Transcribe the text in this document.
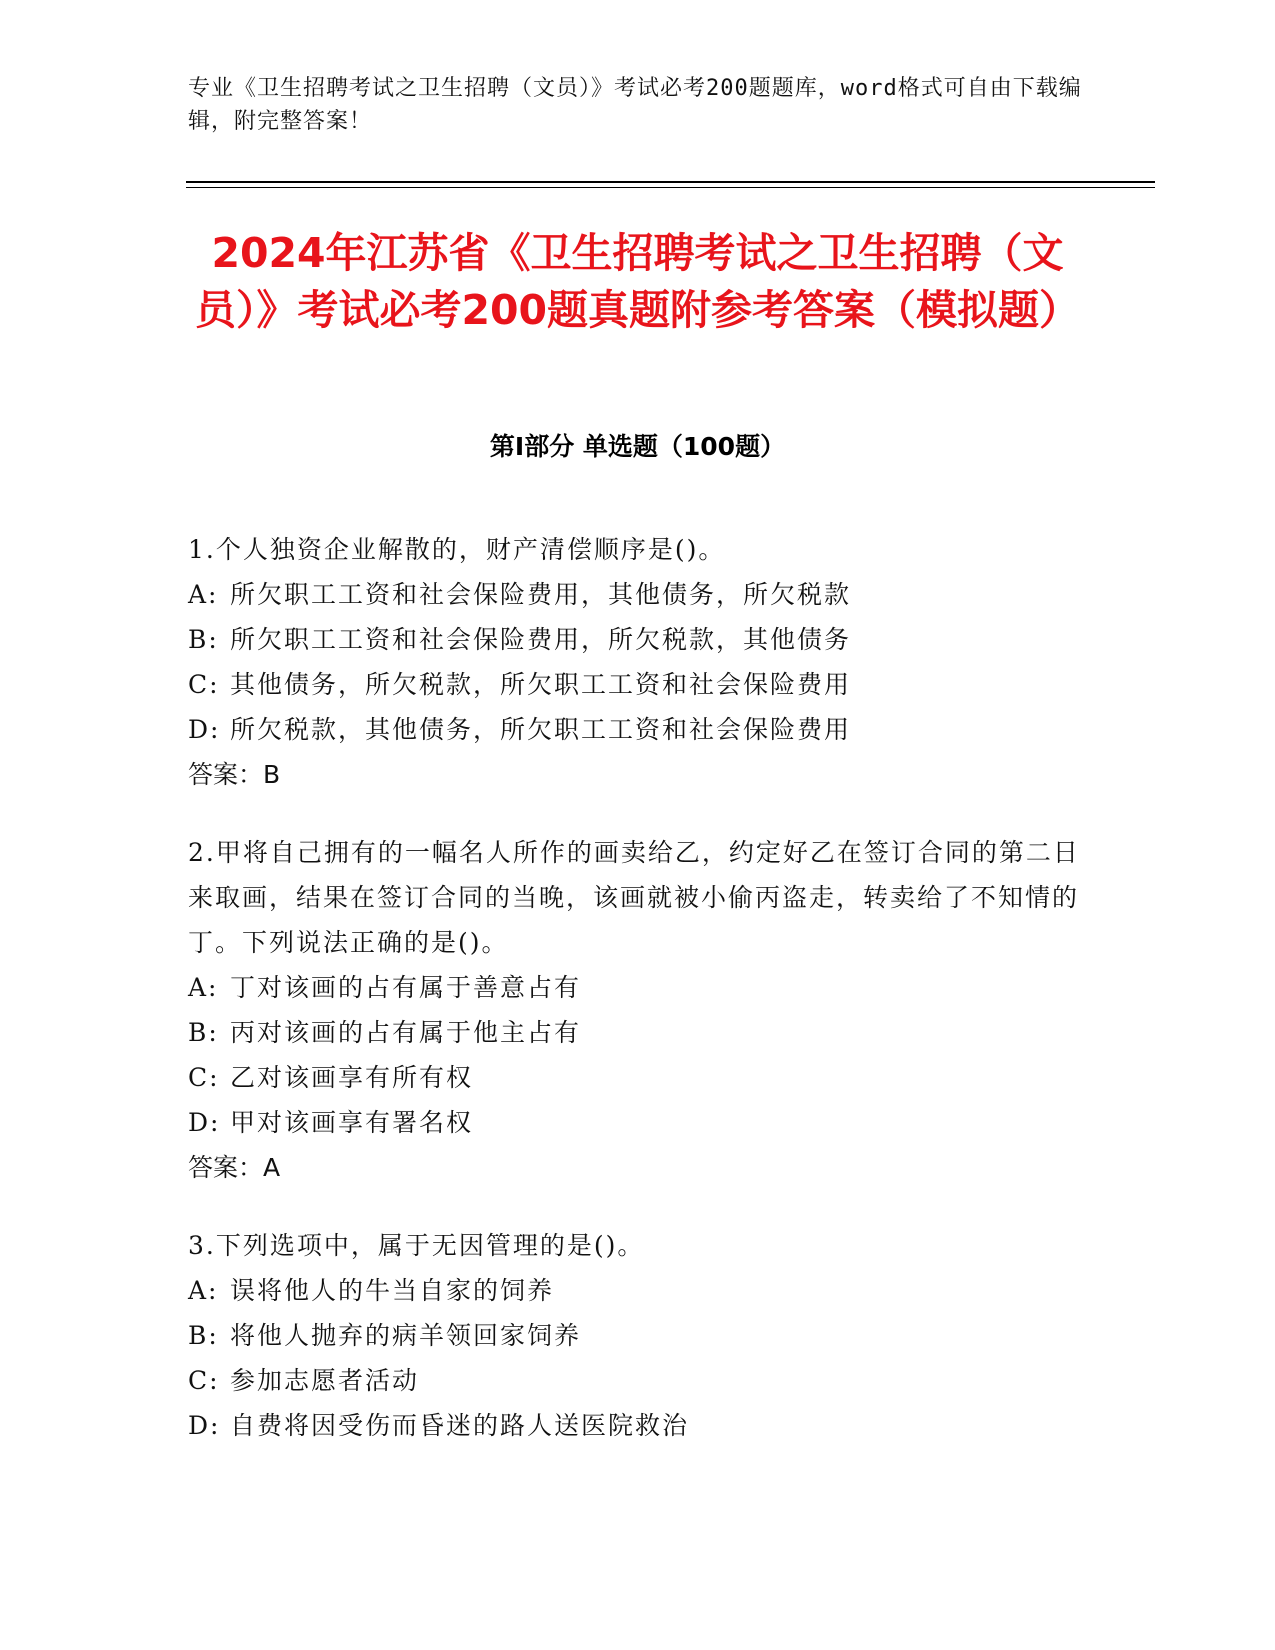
专业《卫生招聘考试之卫生招聘（文员）》考试必考200题题库，word格式可自由下载编辑，附完整答案！
2024年江苏省《卫生招聘考试之卫生招聘（文员）》考试必考200题真题附参考答案（模拟题）
第I部分 单选题（100题）
1.个人独资企业解散的，财产清偿顺序是()。
A: 所欠职工工资和社会保险费用，其他债务，所欠税款
B: 所欠职工工资和社会保险费用，所欠税款，其他债务
C: 其他债务，所欠税款，所欠职工工资和社会保险费用
D: 所欠税款，其他债务，所欠职工工资和社会保险费用
答案：B
2.甲将自己拥有的一幅名人所作的画卖给乙，约定好乙在签订合同的第二日来取画，结果在签订合同的当晚，该画就被小偷丙盗走，转卖给了不知情的丁。下列说法正确的是()。
A: 丁对该画的占有属于善意占有
B: 丙对该画的占有属于他主占有
C: 乙对该画享有所有权
D: 甲对该画享有署名权
答案：A
3.下列选项中，属于无因管理的是()。
A: 误将他人的牛当自家的饲养
B: 将他人抛弃的病羊领回家饲养
C: 参加志愿者活动
D: 自费将因受伤而昏迷的路人送医院救治
